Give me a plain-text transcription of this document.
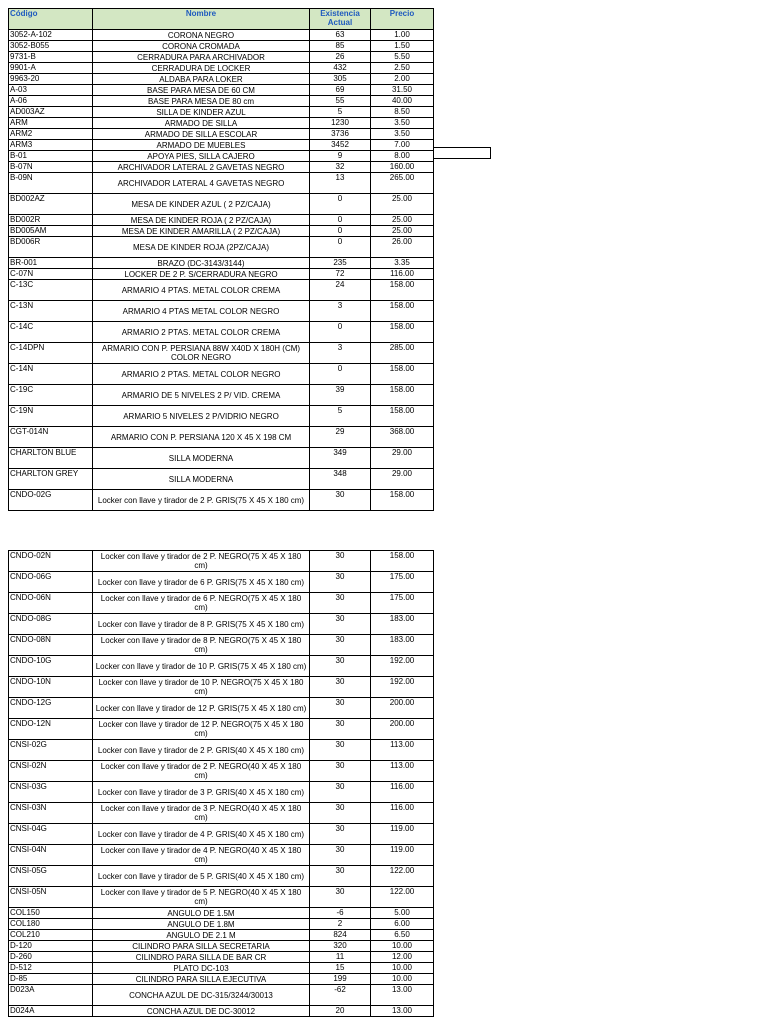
Código	Nombre	Existencia Actual	Precio
3052-A-102	CORONA NEGRO	63	1.00
3052-B055	CORONA CROMADA	85	1.50
9731-B	CERRADURA PARA ARCHIVADOR	26	5.50
9901-A	CERRADURA DE LOCKER	432	2.50
9963-20	ALDABA PARA LOKER	305	2.00
A-03	BASE PARA MESA DE 60 CM	69	31.50
A-06	BASE PARA MESA DE 80 cm	55	40.00
AD003AZ	SILLA DE KINDER AZUL	5	8.50
ARM	ARMADO DE SILLA	1230	3.50
ARM2	ARMADO DE SILLA ESCOLAR	3736	3.50
ARM3	ARMADO DE MUEBLES	3452	7.00
B-01	APOYA PIES, SILLA CAJERO	9	8.00
B-07N	ARCHIVADOR LATERAL 2 GAVETAS NEGRO	32	160.00
B-09N	ARCHIVADOR LATERAL 4 GAVETAS NEGRO	13	265.00
BD002AZ	MESA DE KINDER AZUL ( 2 PZ/CAJA)	0	25.00
BD002R	MESA DE KINDER ROJA ( 2 PZ/CAJA)	0	25.00
BD005AM	MESA DE KINDER AMARILLA ( 2 PZ/CAJA)	0	25.00
BD006R	MESA DE KINDER ROJA (2PZ/CAJA)	0	26.00
BR-001	BRAZO (DC-3143/3144)	235	3.35
C-07N	LOCKER DE 2 P. S/CERRADURA NEGRO	72	116.00
C-13C	ARMARIO 4 PTAS. METAL COLOR CREMA	24	158.00
C-13N	ARMARIO 4 PTAS METAL COLOR NEGRO	3	158.00
C-14C	ARMARIO 2 PTAS. METAL COLOR CREMA	0	158.00
C-14DPN	ARMARIO CON P. PERSIANA 88W X40D X 180H (CM) COLOR NEGRO	3	285.00
C-14N	ARMARIO 2 PTAS. METAL COLOR NEGRO	0	158.00
C-19C	ARMARIO DE 5 NIVELES 2 P/ VID. CREMA	39	158.00
C-19N	ARMARIO 5 NIVELES 2 P/VIDRIO NEGRO	5	158.00
CGT-014N	ARMARIO CON P. PERSIANA 120 X 45 X 198 CM	29	368.00
CHARLTON BLUE	SILLA MODERNA	349	29.00
CHARLTON GREY	SILLA MODERNA	348	29.00
CNDO-02G	Locker con llave y tirador de 2 P. GRIS(75 X 45 X 180 cm)	30	158.00
CNDO-02N	Locker con llave y tirador de 2 P. NEGRO(75 X 45 X 180 cm)	30	158.00
CNDO-06G	Locker con llave y tirador de 6 P. GRIS(75 X 45 X 180 cm)	30	175.00
CNDO-06N	Locker con llave y tirador de 6 P. NEGRO(75 X 45 X 180 cm)	30	175.00
CNDO-08G	Locker con llave y tirador de 8 P. GRIS(75 X 45 X 180 cm)	30	183.00
CNDO-08N	Locker con llave y tirador de 8 P. NEGRO(75 X 45 X 180 cm)	30	183.00
CNDO-10G	Locker con llave y tirador de 10 P. GRIS(75 X 45 X 180 cm)	30	192.00
CNDO-10N	Locker con llave y tirador de 10 P. NEGRO(75 X 45 X 180 cm)	30	192.00
CNDO-12G	Locker con llave y tirador de 12 P. GRIS(75 X 45 X 180 cm)	30	200.00
CNDO-12N	Locker con llave y tirador de 12 P. NEGRO(75 X 45 X 180 cm)	30	200.00
CNSI-02G	Locker con llave y tirador de 2 P. GRIS(40 X 45 X 180 cm)	30	113.00
CNSI-02N	Locker con llave y tirador de 2 P. NEGRO(40 X 45 X 180 cm)	30	113.00
CNSI-03G	Locker con llave y tirador de 3 P. GRIS(40 X 45 X 180 cm)	30	116.00
CNSI-03N	Locker con llave y tirador de 3 P. NEGRO(40 X 45 X 180 cm)	30	116.00
CNSI-04G	Locker con llave y tirador de 4 P. GRIS(40 X 45 X 180 cm)	30	119.00
CNSI-04N	Locker con llave y tirador de 4 P. NEGRO(40 X 45 X 180 cm)	30	119.00
CNSI-05G	Locker con llave y tirador de 5 P. GRIS(40 X 45 X 180 cm)	30	122.00
CNSI-05N	Locker con llave y tirador de 5 P. NEGRO(40 X 45 X 180 cm)	30	122.00
COL150	ANGULO DE 1.5M	-6	5.00
COL180	ANGULO DE 1.8M	2	6.00
COL210	ANGULO DE 2.1 M	824	6.50
D-120	CILINDRO PARA SILLA SECRETARIA	320	10.00
D-260	CILINDRO PARA SILLA DE BAR CR	11	12.00
D-512	PLATO DC-103	15	10.00
D-85	CILINDRO PARA SILLA EJECUTIVA	199	10.00
D023A	CONCHA AZUL DE DC-315/3244/30013	-62	13.00
D024A	CONCHA AZUL DE DC-30012	20	13.00
